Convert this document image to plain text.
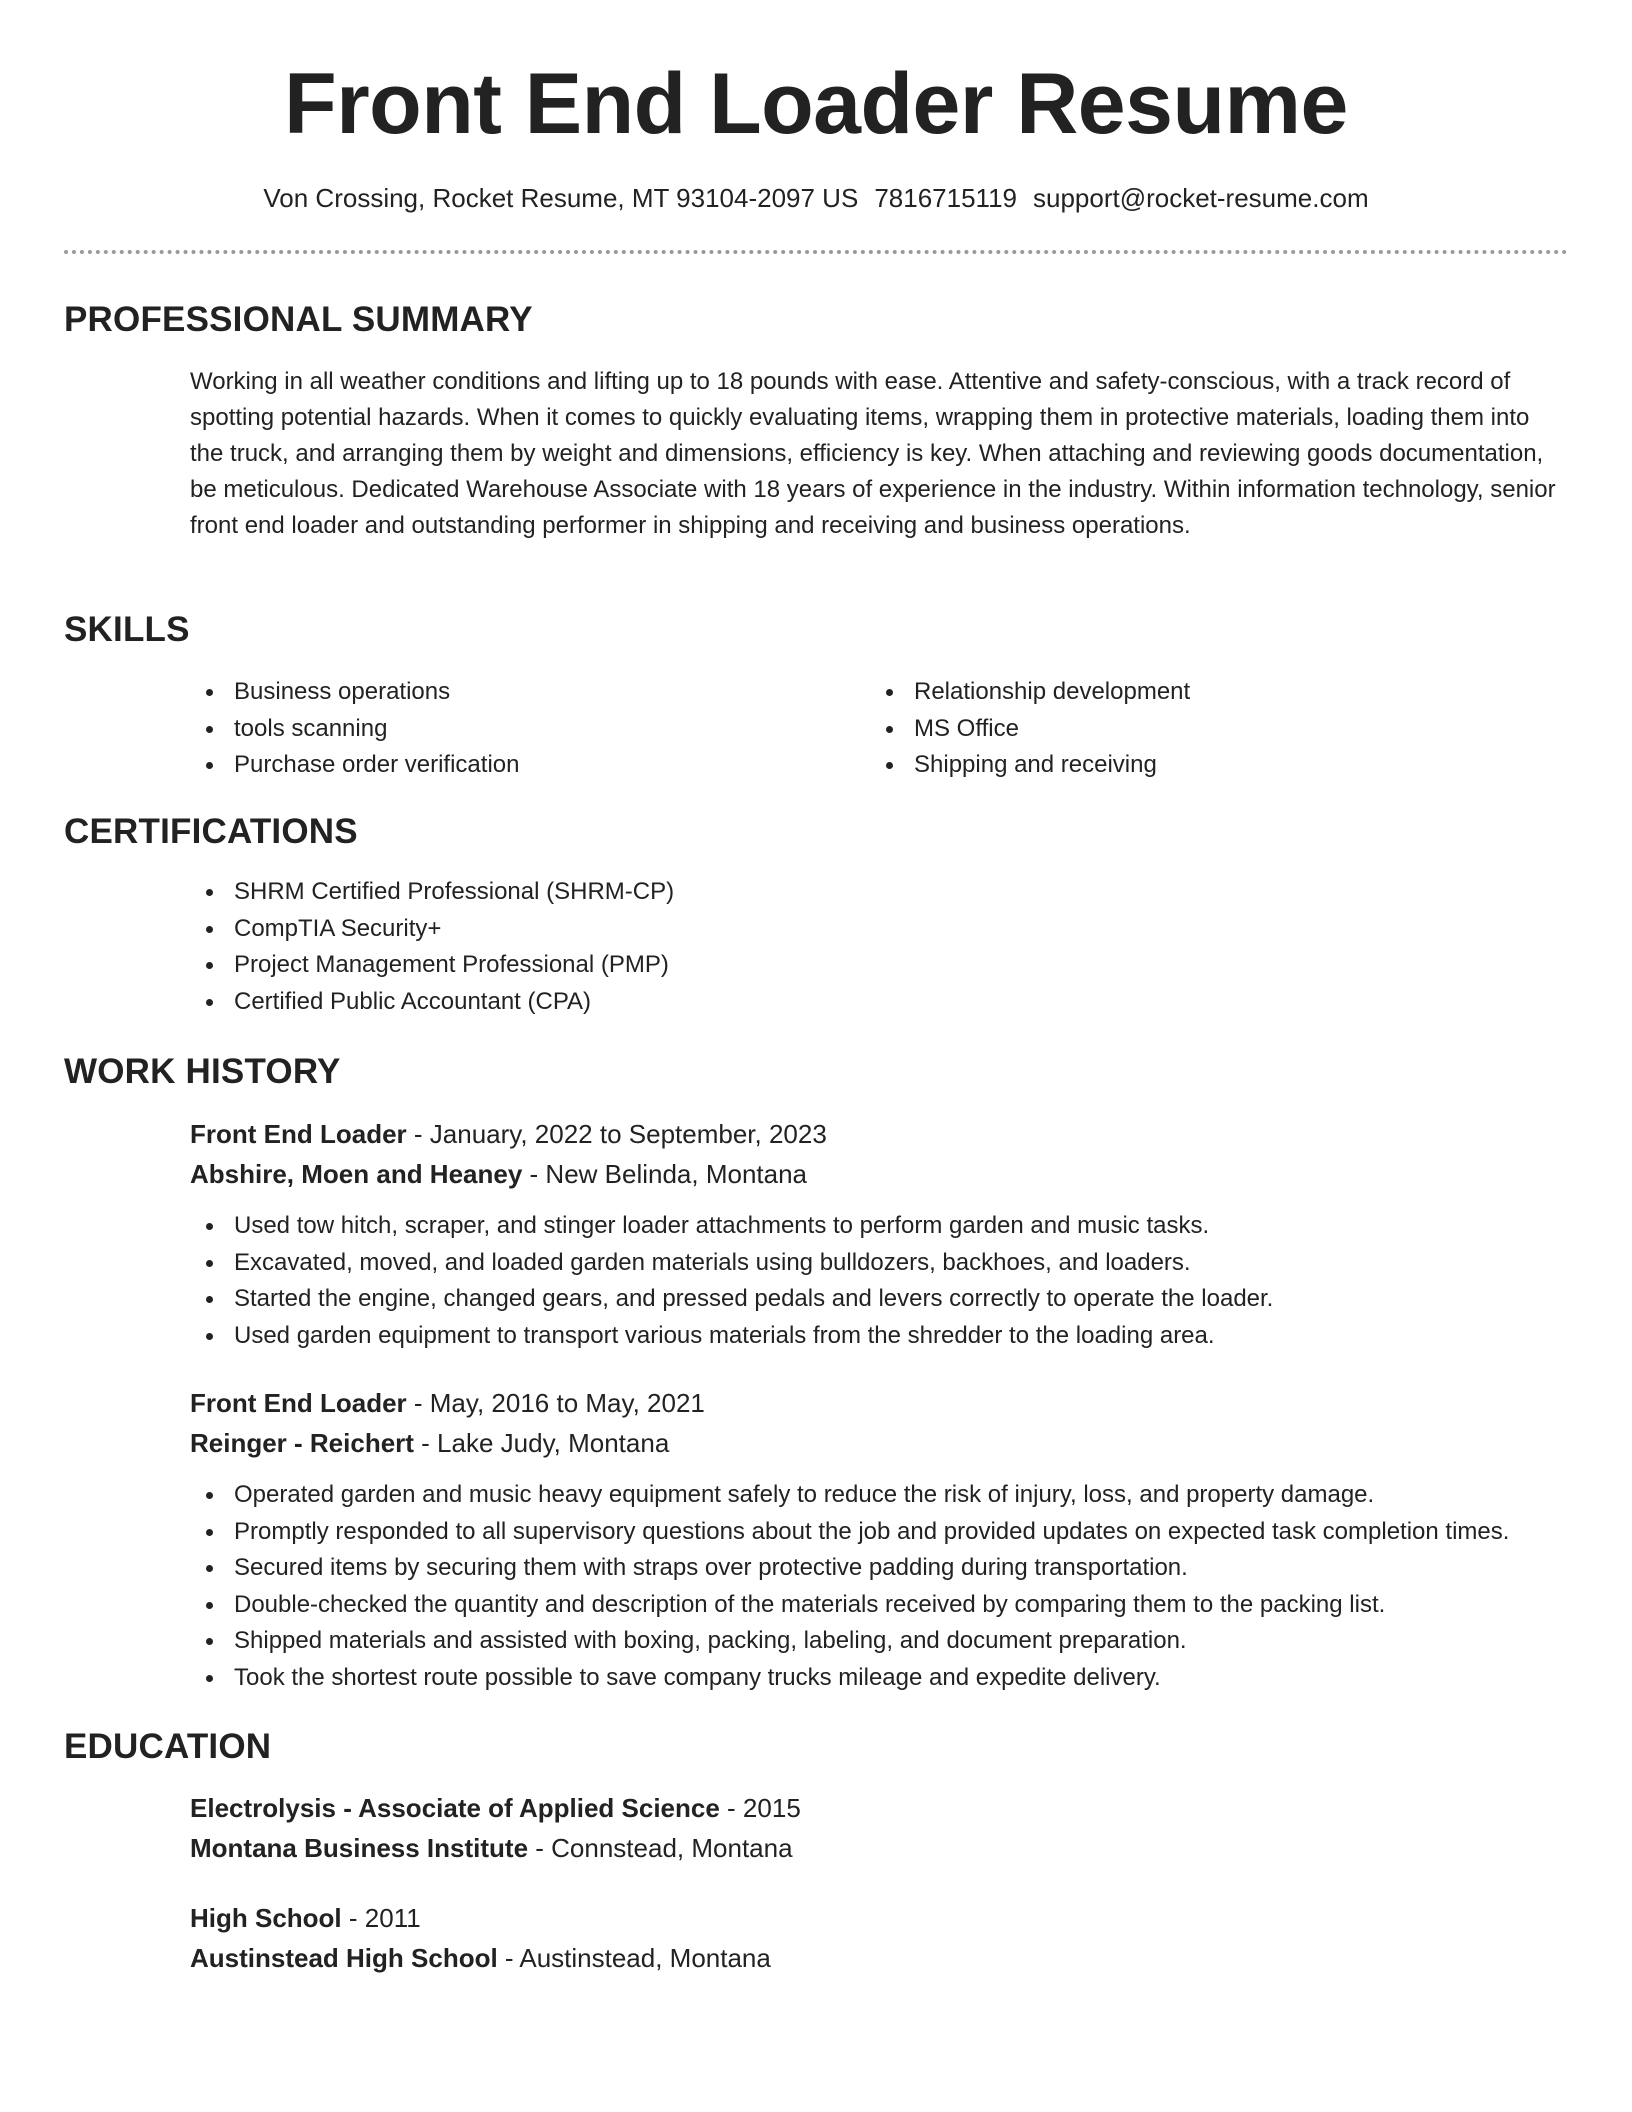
Front End Loader Resume
Von Crossing, Rocket Resume, MT 93104-2097 US 7816715119 support@rocket-resume.com
PROFESSIONAL SUMMARY
Working in all weather conditions and lifting up to 18 pounds with ease. Attentive and safety-conscious, with a track record of spotting potential hazards. When it comes to quickly evaluating items, wrapping them in protective materials, loading them into the truck, and arranging them by weight and dimensions, efficiency is key. When attaching and reviewing goods documentation, be meticulous. Dedicated Warehouse Associate with 18 years of experience in the industry. Within information technology, senior front end loader and outstanding performer in shipping and receiving and business operations.
SKILLS
Business operations
tools scanning
Purchase order verification
Relationship development
MS Office
Shipping and receiving
CERTIFICATIONS
SHRM Certified Professional (SHRM-CP)
CompTIA Security+
Project Management Professional (PMP)
Certified Public Accountant (CPA)
WORK HISTORY
Front End Loader - January, 2022 to September, 2023
Abshire, Moen and Heaney - New Belinda, Montana
Used tow hitch, scraper, and stinger loader attachments to perform garden and music tasks.
Excavated, moved, and loaded garden materials using bulldozers, backhoes, and loaders.
Started the engine, changed gears, and pressed pedals and levers correctly to operate the loader.
Used garden equipment to transport various materials from the shredder to the loading area.
Front End Loader - May, 2016 to May, 2021
Reinger - Reichert - Lake Judy, Montana
Operated garden and music heavy equipment safely to reduce the risk of injury, loss, and property damage.
Promptly responded to all supervisory questions about the job and provided updates on expected task completion times.
Secured items by securing them with straps over protective padding during transportation.
Double-checked the quantity and description of the materials received by comparing them to the packing list.
Shipped materials and assisted with boxing, packing, labeling, and document preparation.
Took the shortest route possible to save company trucks mileage and expedite delivery.
EDUCATION
Electrolysis - Associate of Applied Science - 2015
Montana Business Institute - Connstead, Montana
High School - 2011
Austinstead High School - Austinstead, Montana
